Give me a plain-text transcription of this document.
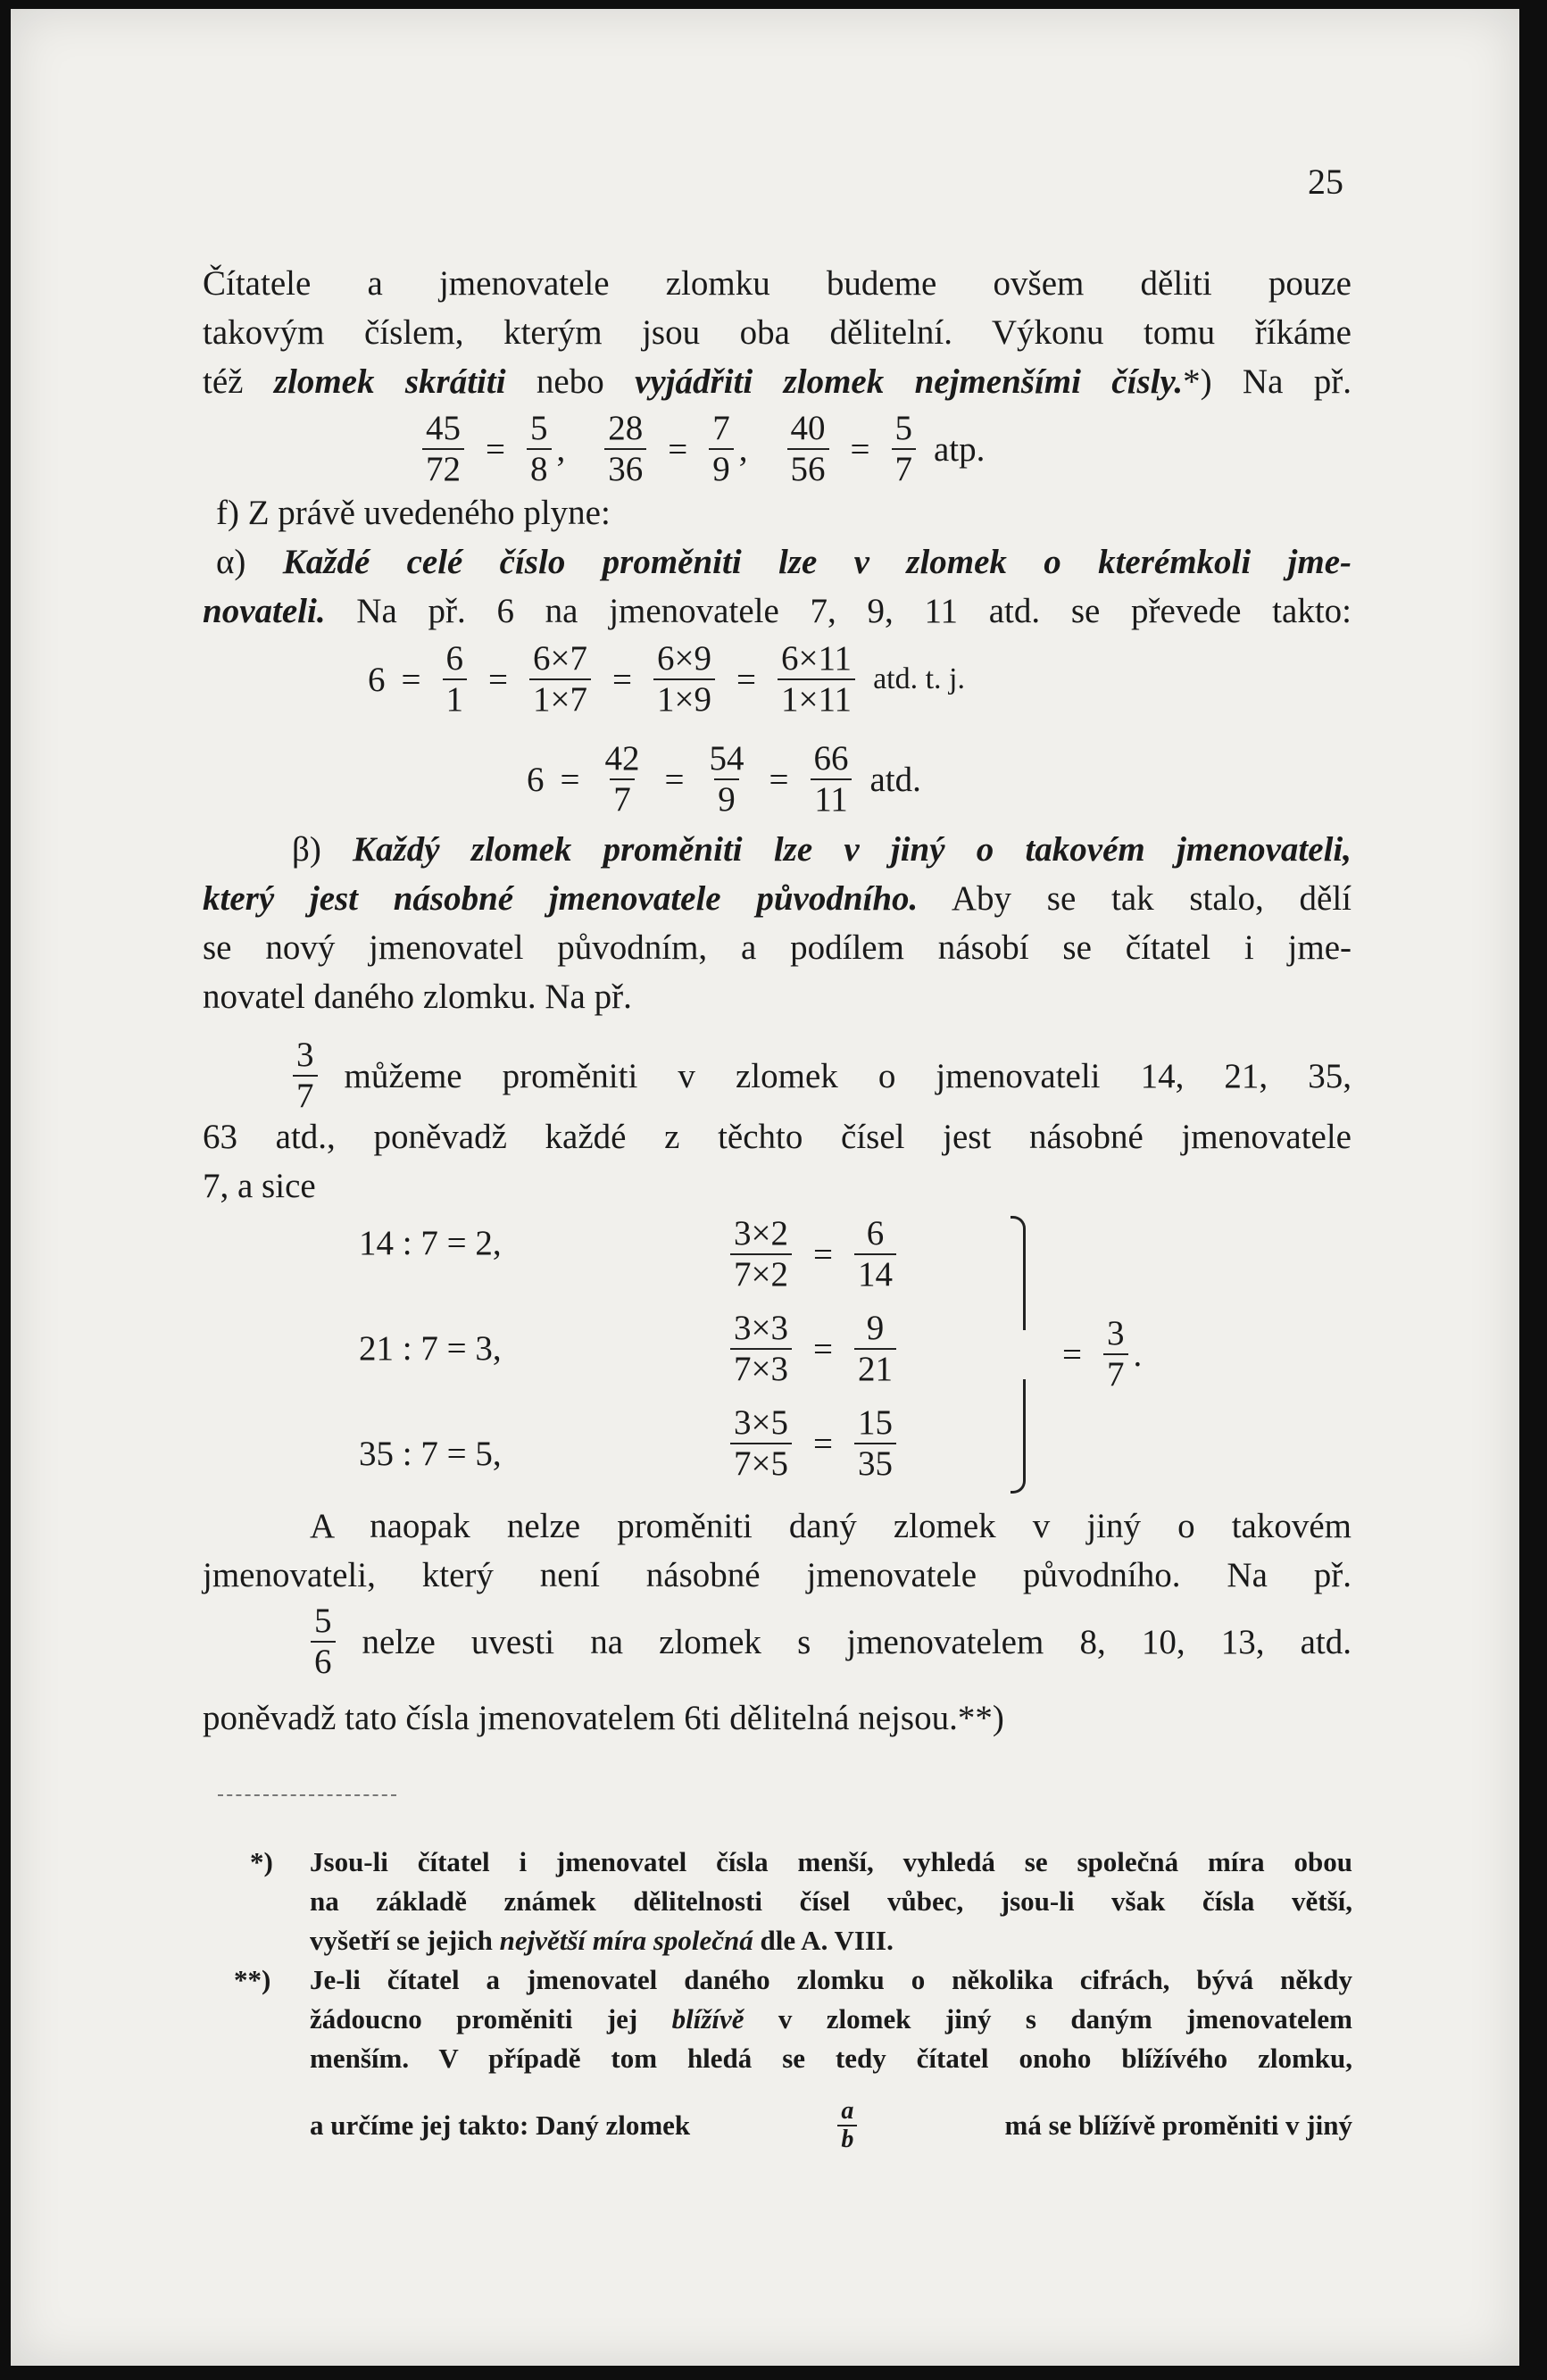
25
Čítatele a jmenovatele zlomku budeme ovšem děliti pouze
takovým číslem, kterým jsou oba dělitelní. Výkonu tomu říkáme
též zlomek skrátiti nebo vyjádřiti zlomek nejmenšími čísly.*) Na př.
$\frac{45}{72} = \frac{5}{8}$ , $\frac{28}{36} = \frac{7}{9}$ , $\frac{40}{56} = \frac{5}{7}$ atp.
f) Z právě uvedeného plyne:
α) Každé celé číslo proměniti lze v zlomek o kterémkoli jme-
novateli. Na př. 6 na jmenovatele 7, 9, 11 atd. se převede takto:
$6 = \frac{6}{1} = \frac{6\times 7}{1\times 7} = \frac{6\times 9}{1\times 9} = \frac{6\times 11}{1\times 11}$ atd. t. j.
$6 = \frac{42}{7} = \frac{54}{9} = \frac{66}{11}$ atd.
β) Každý zlomek proměniti lze v jiný o takovém jmenovateli,
který jest násobné jmenovatele původního. Aby se tak stalo, dělí
se nový jmenovatel původním, a podílem násobí se čítatel i jme-
novatel daného zlomku. Na př.
$\frac{3}{7}$ můžeme proměniti v zlomek o jmenovateli 14, 21, 35,
63 atd., poněvadž každé z těchto čísel jest násobné jmenovatele
7, a sice
14 : 7 = 2,
21 : 7 = 3,
35 : 7 = 5,
$\frac{3\times 2}{7\times 2} = \frac{6}{14}$
$\frac{3\times 3}{7\times 3} = \frac{9}{21}$
$\frac{3\times 5}{7\times 5} = \frac{15}{35}$
= $\frac{3}{7}$ .
A naopak nelze proměniti daný zlomek v jiný o takovém
jmenovateli, který není násobné jmenovatele původního. Na př.
$\frac{5}{6}$ nelze uvesti na zlomek s jmenovatelem 8, 10, 13, atd.
poněvadž tato čísla jmenovatelem 6ti dělitelná nejsou.**)
*) Jsou-li čítatel i jmenovatel čísla menší, vyhledá se společná míra obou
na základě známek dělitelnosti čísel vůbec, jsou-li však čísla větší,
vyšetří se jejich největší míra společná dle A. VIII.
**) Je-li čítatel a jmenovatel daného zlomku o několika cifrách, bývá někdy
žádoucno proměniti jej blížívě v zlomek jiný s daným jmenovatelem
menším. V případě tom hledá se tedy čítatel onoho blížívého zlomku,
a určíme jej takto: Daný zlomek	$\frac{a}{b}$	má se blížívě proměniti v jiný
